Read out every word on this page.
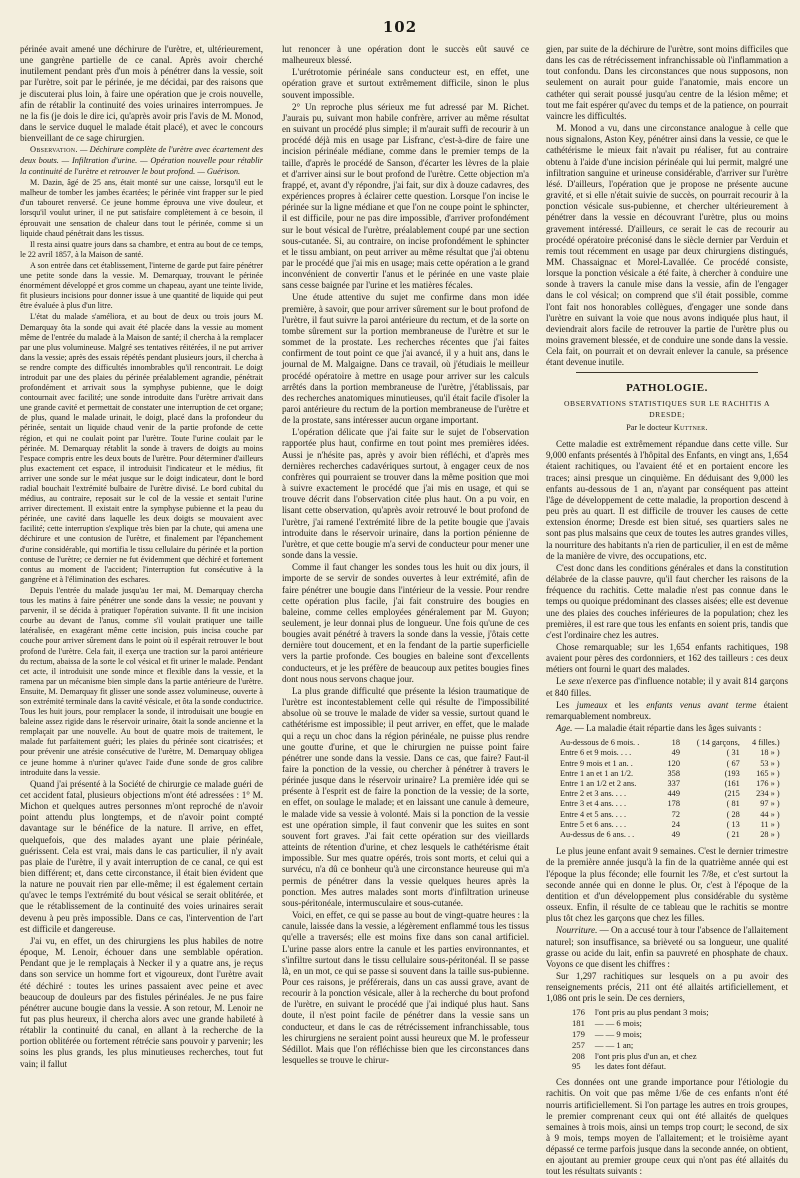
102

périnée avait amené une déchirure de l'urètre, et, ultérieurement, une gangrène partielle de ce canal. Après avoir cherché inutilement pendant près d'un mois à pénétrer dans la vessie, soit par l'urètre, soit par le périnée, je me décidai, par des raisons que je discuterai plus loin, à faire une opération que je crois nouvelle, afin de rétablir la continuité des voies urinaires interrompues. Je ne la fis (je dois le dire ici, qu'après avoir pris l'avis de M. Monod, dans le service duquel le malade était placé), et avec le concours bienveillant de ce sage chirurgien.

Observation. — Déchirure complète de l'urètre avec écartement des deux bouts. — Infiltration d'urine. — Opération nouvelle pour rétablir la continuité de l'urètre et retrouver le bout profond. — Guérison.

M. Dazin, âgé de 25 ans, était monté sur une caisse, lorsqu'il eut le malheur de tomber les jambes écartées; le périnée vint frapper sur le pied d'un tabouret renversé. Ce jeune homme éprouva une vive douleur, et lorsqu'il voulut uriner, il ne put satisfaire complètement à ce besoin, il éprouvait une sensation de chaleur dans tout le périnée, comme si un liquide chaud pénétrait dans les tissus.

Il resta ainsi quatre jours dans sa chambre, et entra au bout de ce temps, le 22 avril 1857, à la Maison de santé.

A son entrée dans cet établissement, l'interne de garde put faire pénétrer une petite sonde dans la vessie. M. Demarquay, trouvant le périnée énormément développé et gros comme un chapeau, ayant une teinte livide, fit plusieurs incisions pour donner issue à une quantité de liquide qui peut être évaluée à plus d'un litre.

L'état du malade s'améliora, et au bout de deux ou trois jours M. Demarquay ôta la sonde qui avait été placée dans la vessie au moment même de l'entrée du malade à la Maison de santé; il chercha à la remplacer par une plus volumineuse. Malgré ses tentatives réitérées, il ne put arriver dans la vessie; après des essais répétés pendant plusieurs jours, il chercha à se rendre compte des difficultés innombrables qu'il rencontrait. Le doigt introduit par une des plaies du périnée préalablement agrandie, pénétrait profondément et arrivait sous la symphyse pubienne, que le doigt contournait avec facilité; une sonde introduite dans l'urètre arrivait dans une grande cavité et permettait de constater une interruption de cet organe; de plus, quand le malade urinait, le doigt, placé dans la profondeur du périnée, sentait un liquide chaud venir de la partie profonde de cette région, et qui ne coulait point par l'urètre. Toute l'urine coulait par le périnée. M. Demarquay rétablit la sonde à travers de doigts au moins l'espace compris entre les deux bouts de l'urètre. Pour déterminer d'ailleurs plus exactement cet espace, il introduisit l'indicateur et le médius, fit arriver une sonde sur le méat jusque sur le doigt indicateur, dont le bord radial bouchait l'extrémité bulbaire de l'urètre divisé. Le bord cubital du médius, au contraire, reposait sur le col de la vessie et sentait l'urine arriver directement. Il existait entre la symphyse pubienne et la peau du périnée, une cavité dans laquelle les deux doigts se mouvaient avec facilité; cette interruption s'explique très bien par la chute, qui amena une déchirure et une contusion de l'urètre, et finalement par l'épanchement d'urine considérable, qui mortifia le tissu cellulaire du périnée et la portion contuse de l'urètre; ce dernier ne fut évidemment que déchiré et fortement contus au moment de l'accident; l'interruption fut consécutive à la gangrène et à l'élimination des eschares.

Depuis l'entrée du malade jusqu'au 1er mai, M. Demarquay chercha tous les matins à faire pénétrer une sonde dans la vessie; ne pouvant y parvenir, il se décida à pratiquer l'opération suivante. Il fit une incision courbe au devant de l'anus, comme s'il voulait pratiquer une taille latéralisée, en exagérant même cette incision, puis incisa couche par couche pour arriver sûrement dans le point où il espérait retrouver le bout profond de l'urètre. Cela fait, il exerça une traction sur la paroi antérieure du rectum, abaissa de la sorte le col vésical et fit uriner le malade. Pendant cet acte, il introduisit une sonde mince et flexible dans la vessie, et la ramena par un mécanisme bien simple dans la partie antérieure de l'urètre. Ensuite, M. Demarquay fit glisser une sonde assez volumineuse, ouverte à son extrémité terminale dans la cavité vésicale, et ôta la sonde conductrice. Tous les huit jours, pour remplacer la sonde, il introduisait une bougie en baleine assez rigide dans le réservoir urinaire, ôtait la sonde ancienne et la remplaçait par une nouvelle. Au bout de quatre mois de traitement, le malade fut parfaitement guéri; les plaies du périnée sont cicatrisées; et pour prévenir une atrésie consécutive de l'urètre, M. Demarquay obligea ce jeune homme à n'uriner qu'avec l'aide d'une sonde de gros calibre introduite dans la vessie.

Quand j'ai présenté à la Société de chirurgie ce malade guéri de cet accident fatal, plusieurs objections m'ont été adressées : 1° M. Michon et quelques autres personnes m'ont reproché de n'avoir point attendu plus longtemps, et de n'avoir point compté davantage sur le bénéfice de la nature. Il arrive, en effet, quelquefois, que des malades ayant une plaie périnéale, guérissent. Cela est vrai, mais dans le cas particulier, il n'y avait pas plaie de l'urètre, il y avait interruption de ce canal, ce qui est bien différent; et, dans cette circonstance, il était bien évident que la nature ne pouvait rien par elle-même; il est également certain qu'avec le temps l'extrémité du bout vésical se serait oblitérée, et que le rétablissement de la continuité des voies urinaires serait devenu à peu près impossible. Dans ce cas, l'intervention de l'art est difficile et dangereuse.

J'ai vu, en effet, un des chirurgiens les plus habiles de notre époque, M. Lenoir, échouer dans une semblable opération. Pendant que je le remplaçais à Necker il y a quatre ans, je reçus dans son service un homme fort et vigoureux, dont l'urètre avait été déchiré : toutes les urines passaient avec peine et avec beaucoup de douleurs par des fistules périnéales. Je ne pus faire pénétrer aucune bougie dans la vessie. A son retour, M. Lenoir ne fut pas plus heureux, il chercha alors avec une grande habileté à rétablir la continuité du canal, en allant à la recherche de la portion oblitérée ou fortement rétrécie sans pouvoir y parvenir; les soins les plus grands, les plus minutieuses recherches, tout fut vain; il fallut

lut renoncer à une opération dont le succès eût sauvé ce malheureux blessé.

L'urétrotomie périnéale sans conducteur est, en effet, une opération grave et surtout extrêmement difficile, sinon le plus souvent impossible.

2° Un reproche plus sérieux me fut adressé par M. Richet. J'aurais pu, suivant mon habile confrère, arriver au même résultat en suivant un procédé plus simple; il m'aurait suffi de recourir à un procédé déjà mis en usage par Lisfranc, c'est-à-dire de faire une incision périnéale médiane, comme dans le premier temps de la taille, d'après le procédé de Sanson, d'écarter les lèvres de la plaie et d'arriver ainsi sur le bout profond de l'urètre. Cette objection m'a frappé, et, avant d'y répondre, j'ai fait, sur dix à douze cadavres, des expériences propres à éclairer cette question. Lorsque l'on incise le périnée sur la ligne médiane et que l'on ne coupe point le sphincter, il est difficile, pour ne pas dire impossible, d'arriver profondément sur le bout vésical de l'urètre, préalablement coupé par une section sous-cutanée. Si, au contraire, on incise profondément le sphincter et le tissu ambiant, on peut arriver au même résultat que j'ai obtenu par le procédé que j'ai mis en usage; mais cette opération a le grand inconvénient de convertir l'anus et le périnée en une vaste plaie sans cesse baignée par l'urine et les matières fécales.

Une étude attentive du sujet me confirme dans mon idée première, à savoir, que pour arriver sûrement sur le bout profond de l'urètre, il faut suivre la paroi antérieure du rectum, et de la sorte on tombe sûrement sur la portion membraneuse de l'urètre et sur le sommet de la prostate. Les recherches récentes que j'ai faites confirment de tout point ce que j'ai avancé, il y a huit ans, dans le journal de M. Malgaigne. Dans ce travail, où j'étudiais le meilleur procédé opératoire à mettre en usage pour arriver sur les calculs arrêtés dans la portion membraneuse de l'urètre, j'établissais, par des recherches anatomiques minutieuses, qu'il était facile d'isoler la paroi antérieure du rectum de la portion membraneuse de l'urètre et de la prostate, sans intéresser aucun organe important.

L'opération délicate que j'ai faite sur le sujet de l'observation rapportée plus haut, confirme en tout point mes premières idées. Aussi je n'hésite pas, après y avoir bien réfléchi, et d'après mes dernières recherches cadavériques surtout, à engager ceux de nos confrères qui pourraient se trouver dans la même position que moi à suivre exactement le procédé que j'ai mis en usage, et qui se trouve décrit dans l'observation citée plus haut. On a pu voir, en lisant cette observation, qu'après avoir retrouvé le bout profond de l'urètre, j'ai ramené l'extrémité libre de la petite bougie que j'avais introduite dans le réservoir urinaire, dans la portion pénienne de l'urètre, et que cette bougie m'a servi de conducteur pour mener une sonde dans la vessie.

Comme il faut changer les sondes tous les huit ou dix jours, il importe de se servir de sondes ouvertes à leur extrémité, afin de faire pénétrer une bougie dans l'intérieur de la vessie. Pour rendre cette opération plus facile, j'ai fait construire des bougies en baleine, comme celles employées généralement par M. Guyon; seulement, je leur donnai plus de longueur. Une fois qu'une de ces bougies avait pénétré à travers la sonde dans la vessie, j'ôtais cette dernière tout doucement, et en la fendant de la partie superficielle vers la partie profonde. Ces bougies en baleine sont d'excellents conducteurs, et je les préfère de beaucoup aux petites bougies fines dont nous nous servons chaque jour.

La plus grande difficulté que présente la lésion traumatique de l'urètre est incontestablement celle qui résulte de l'impossibilité absolue où se trouve le malade de vider sa vessie, surtout quand le cathétérisme est impossible; il peut arriver, en effet, que le malade qui a reçu un choc dans la région périnéale, ne puisse plus rendre une goutte d'urine, et que le chirurgien ne puisse point faire pénétrer une sonde dans la vessie. Dans ce cas, que faire? Faut-il faire la ponction de la vessie, ou chercher à pénétrer à travers le périnée jusque dans le réservoir urinaire? La première idée qui se présente à l'esprit est de faire la ponction de la vessie; de la sorte, en effet, on soulage le malade; et en laissant une canule à demeure, le malade vide sa vessie à volonté. Mais si la ponction de la vessie est une opération simple, il faut convenir que les suites en sont souvent fort graves. J'ai fait cette opération sur des vieillards atteints de rétention d'urine, et chez lesquels le cathétérisme était impossible. Sur mes quatre opérés, trois sont morts, et celui qui a survécu, n'a dû ce bonheur qu'à une circonstance heureuse qui m'a permis de pénétrer dans la vessie quelques heures après la ponction. Mes autres malades sont morts d'infiltration urineuse sous-péritonéale, intermusculaire et sous-cutanée.

Voici, en effet, ce qui se passe au bout de vingt-quatre heures : la canule, laissée dans la vessie, a légèrement enflammé tous les tissus qu'elle a traversés; elle est moins fixe dans son canal artificiel. L'urine passe alors entre la canule et les parties environnantes, et s'infiltre surtout dans le tissu cellulaire sous-péritonéal. Il se passe là, en un mot, ce qui se passe si souvent dans la taille sus-pubienne. Pour ces raisons, je préférerais, dans un cas aussi grave, avant de recourir à la ponction vésicale, aller à la recherche du bout profond de l'urètre, en suivant le procédé que j'ai indiqué plus haut. Sans doute, il n'est point facile de pénétrer dans la vessie sans un conducteur, et dans le cas de rétrécissement infranchissable, tous les chirurgiens ne seraient point aussi heureux que M. le professeur Sédillot. Mais que l'on réfléchisse bien que les circonstances dans lesquelles se trouve le chirur-

gien, par suite de la déchirure de l'urètre, sont moins difficiles que dans les cas de rétrécissement infranchissable où l'inflammation a tout confondu. Dans les circonstances que nous supposons, non seulement on aurait pour guide l'anatomie, mais encore un cathéter qui serait poussé jusqu'au centre de la lésion même; et tout me fait espérer qu'avec du temps et de la patience, on pourrait vaincre les difficultés.

M. Monod a vu, dans une circonstance analogue à celle que nous signalons, Aston Key, pénétrer ainsi dans la vessie, ce que le cathétérisme le mieux fait n'avait pu réaliser, fut au contraire obtenu à l'aide d'une incision périnéale qui lui permit, malgré une infiltration sanguine et urineuse considérable, d'arriver sur l'urètre lésé. D'ailleurs, l'opération que je propose ne présente aucune gravité, et si elle n'était suivie de succès, on pourrait recourir à la ponction vésicale sus-pubienne, et chercher ultérieurement à pénétrer dans la vessie en découvrant l'urètre, plus ou moins gravement intéressé. D'ailleurs, ce serait le cas de recourir au procédé opératoire préconisé dans le siècle dernier par Verduin et remis tout récemment en usage par deux chirurgiens distingués, MM. Chassaignac et Morel-Lavallée. Ce procédé consiste, lorsque la ponction vésicale a été faite, à chercher à conduire une sonde à travers la canule mise dans la vessie, afin de l'engager dans le col vésical; on comprend que s'il était possible, comme l'ont fait nos honorables collègues, d'engager une sonde dans l'urètre en suivant la voie que nous avons indiquée plus haut, il deviendrait alors facile de retrouver la partie de l'urètre plus ou moins gravement blessée, et de conduire une sonde dans la vessie. Cela fait, on pourrait et on devrait enlever la canule, sa présence étant devenue inutile.

PATHOLOGIE.
OBSERVATIONS STATISTIQUES SUR LE RACHITIS A DRESDE;
Par le docteur Kuttner.

Cette maladie est extrêmement répandue dans cette ville. Sur 9,000 enfants présentés à l'hôpital des Enfants, en vingt ans, 1,654 étaient rachitiques, ou l'avaient été et en portaient encore les traces; ainsi presque un cinquième. En déduisant des 9,000 les enfants au-dessous de 1 an, n'ayant par conséquent pas atteint l'âge de développement de cette maladie, la proportion descend à peu près au quart. Il est difficile de trouver les causes de cette extension énorme; Dresde est bien situé, ses quartiers sales ne sont pas plus malsains que ceux de toutes les autres grandes villes, la nourriture des habitants n'a rien de particulier, il en est de même de la manière de vivre, des occupations, etc.

C'est donc dans les conditions générales et dans la constitution délabrée de la classe pauvre, qu'il faut chercher les raisons de la fréquence du rachitis. Cette maladie n'est pas connue dans le temps ou quoique prédominant des classes aisées; elle est devenue une des plaies des couches inférieures de la population; chez les premières, il est rare que tous les enfants en soient pris, tandis que c'est l'ordinaire chez les autres.

Chose remarquable; sur les 1,654 enfants rachitiques, 198 avaient pour pères des cordonniers, et 162 des tailleurs : ces deux métiers ont fourni le quart des malades.

Le sexe n'exerce pas d'influence notable; il y avait 814 garçons et 840 filles.

Les jumeaux et les enfants venus avant terme étaient remarquablement nombreux.

Age. — La maladie était répartie dans les âges suivants :

Au-dessous de 6 mois. .	18	( 14 garçons,	4 filles.)
Entre 6 et 9 mois. . . .	49	( 31	18 » )
Entre 9 mois et 1 an. .	120	( 67	53 » )
Entre 1 an et 1 an 1/2.	358	(193	165 » )
Entre 1 an 1/2 et 2 ans.	337	(161	176 » )
Entre 2 et 3 ans. . . .	449	(215	234 » )
Entre 3 et 4 ans. . . .	178	( 81	97 » )
Entre 4 et 5 ans. . . .	72	( 28	44 » )
Entre 5 et 6 ans. . . .	24	( 13	11 » )
Au-dessus de 6 ans. . .	49	( 21	28 » )

Le plus jeune enfant avait 9 semaines. C'est le dernier trimestre de la première année jusqu'à la fin de la quatrième année qui est l'époque la plus féconde; elle fournit les 7/8e, et c'est surtout la seconde année qui en donne le plus. Or, c'est à l'époque de la dentition et d'un développement plus considérable du système osseux. Enfin, il résulte de ce tableau que le rachitis se montre plus tôt chez les garçons que chez les filles.

Nourriture. — On a accusé tour à tour l'absence de l'allaitement naturel; son insuffisance, sa brièveté ou sa longueur, une qualité grasse ou acide du lait, enfin sa pauvreté en phosphate de chaux. Voyons ce que disent les chiffres :

Sur 1,297 rachitiques sur lesquels on a pu avoir des renseignements précis, 211 ont été allaités artificiellement, et 1,086 ont pris le sein. De ces derniers,

176	l'ont pris au plus pendant 3 mois;
181	— — 6 mois;
179	— — 9 mois;
257	— — 1 an;
208	l'ont pris plus d'un an, et chez
95	les dates font défaut.

Ces données ont une grande importance pour l'étiologie du rachitis. On voit que pas même 1/6e de ces enfants n'ont été nourris artificiellement. Si l'on partage les autres en trois groupes, le premier comprenant ceux qui ont été allaités de quelques semaines à trois mois, ainsi un temps trop court; le second, de six à 9 mois, temps moyen de l'allaitement; et le troisième ayant dépassé ce terme parfois jusque dans la seconde année, on obtient, en ajoutant au premier groupe ceux qui n'ont pas été allaités du tout les résultats suivants :
